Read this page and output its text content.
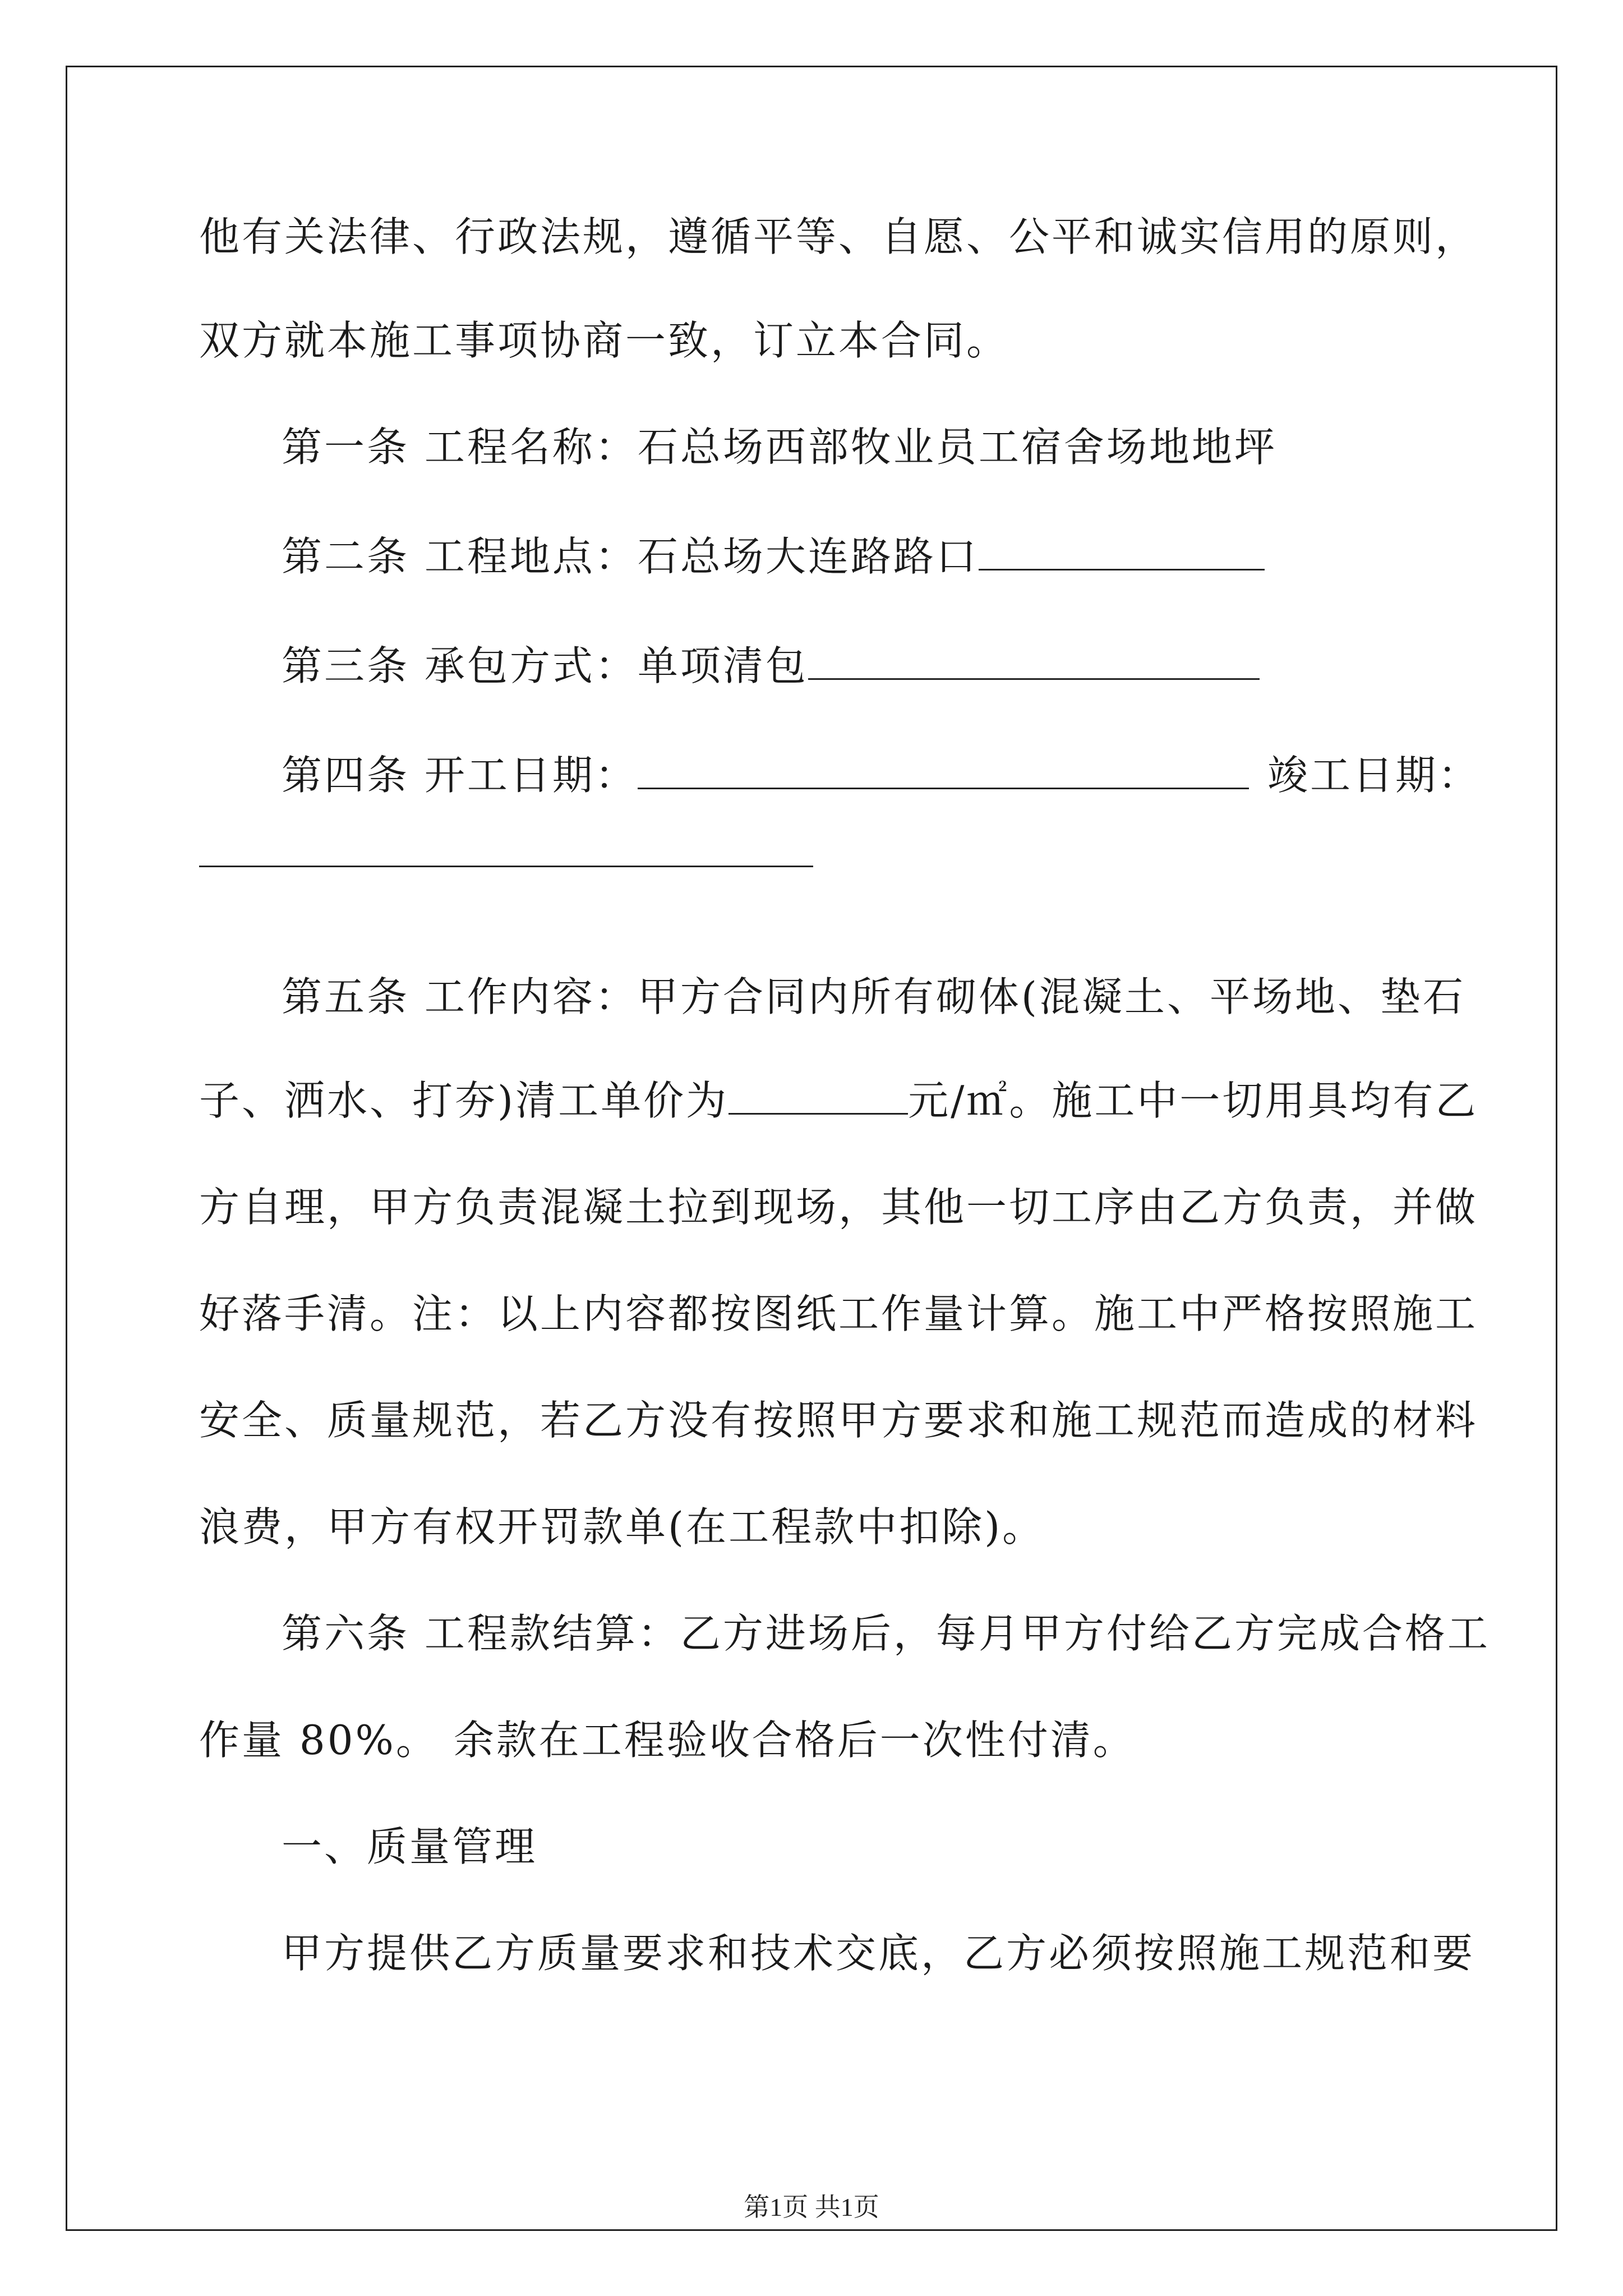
他有关法律、行政法规，遵循平等、自愿、公平和诚实信用的原则，
双方就本施工事项协商一致，订立本合同。
第一条 工程名称：石总场西部牧业员工宿舍场地地坪
第二条 工程地点：石总场大连路路口
第三条 承包方式：单项清包
第四条 开工日期：	竣工日期：
第五条 工作内容：甲方合同内所有砌体(混凝土、平场地、垫石
子、洒水、打夯)清工单价为	元/㎡。施工中一切用具均有乙
方自理，甲方负责混凝土拉到现场，其他一切工序由乙方负责，并做
好落手清。注：以上内容都按图纸工作量计算。施工中严格按照施工
安全、质量规范，若乙方没有按照甲方要求和施工规范而造成的材料
浪费，甲方有权开罚款单(在工程款中扣除)。
第六条 工程款结算：乙方进场后，每月甲方付给乙方完成合格工
作量 80%。 余款在工程验收合格后一次性付清。
一、质量管理
甲方提供乙方质量要求和技术交底，乙方必须按照施工规范和要
第1页 共1页
